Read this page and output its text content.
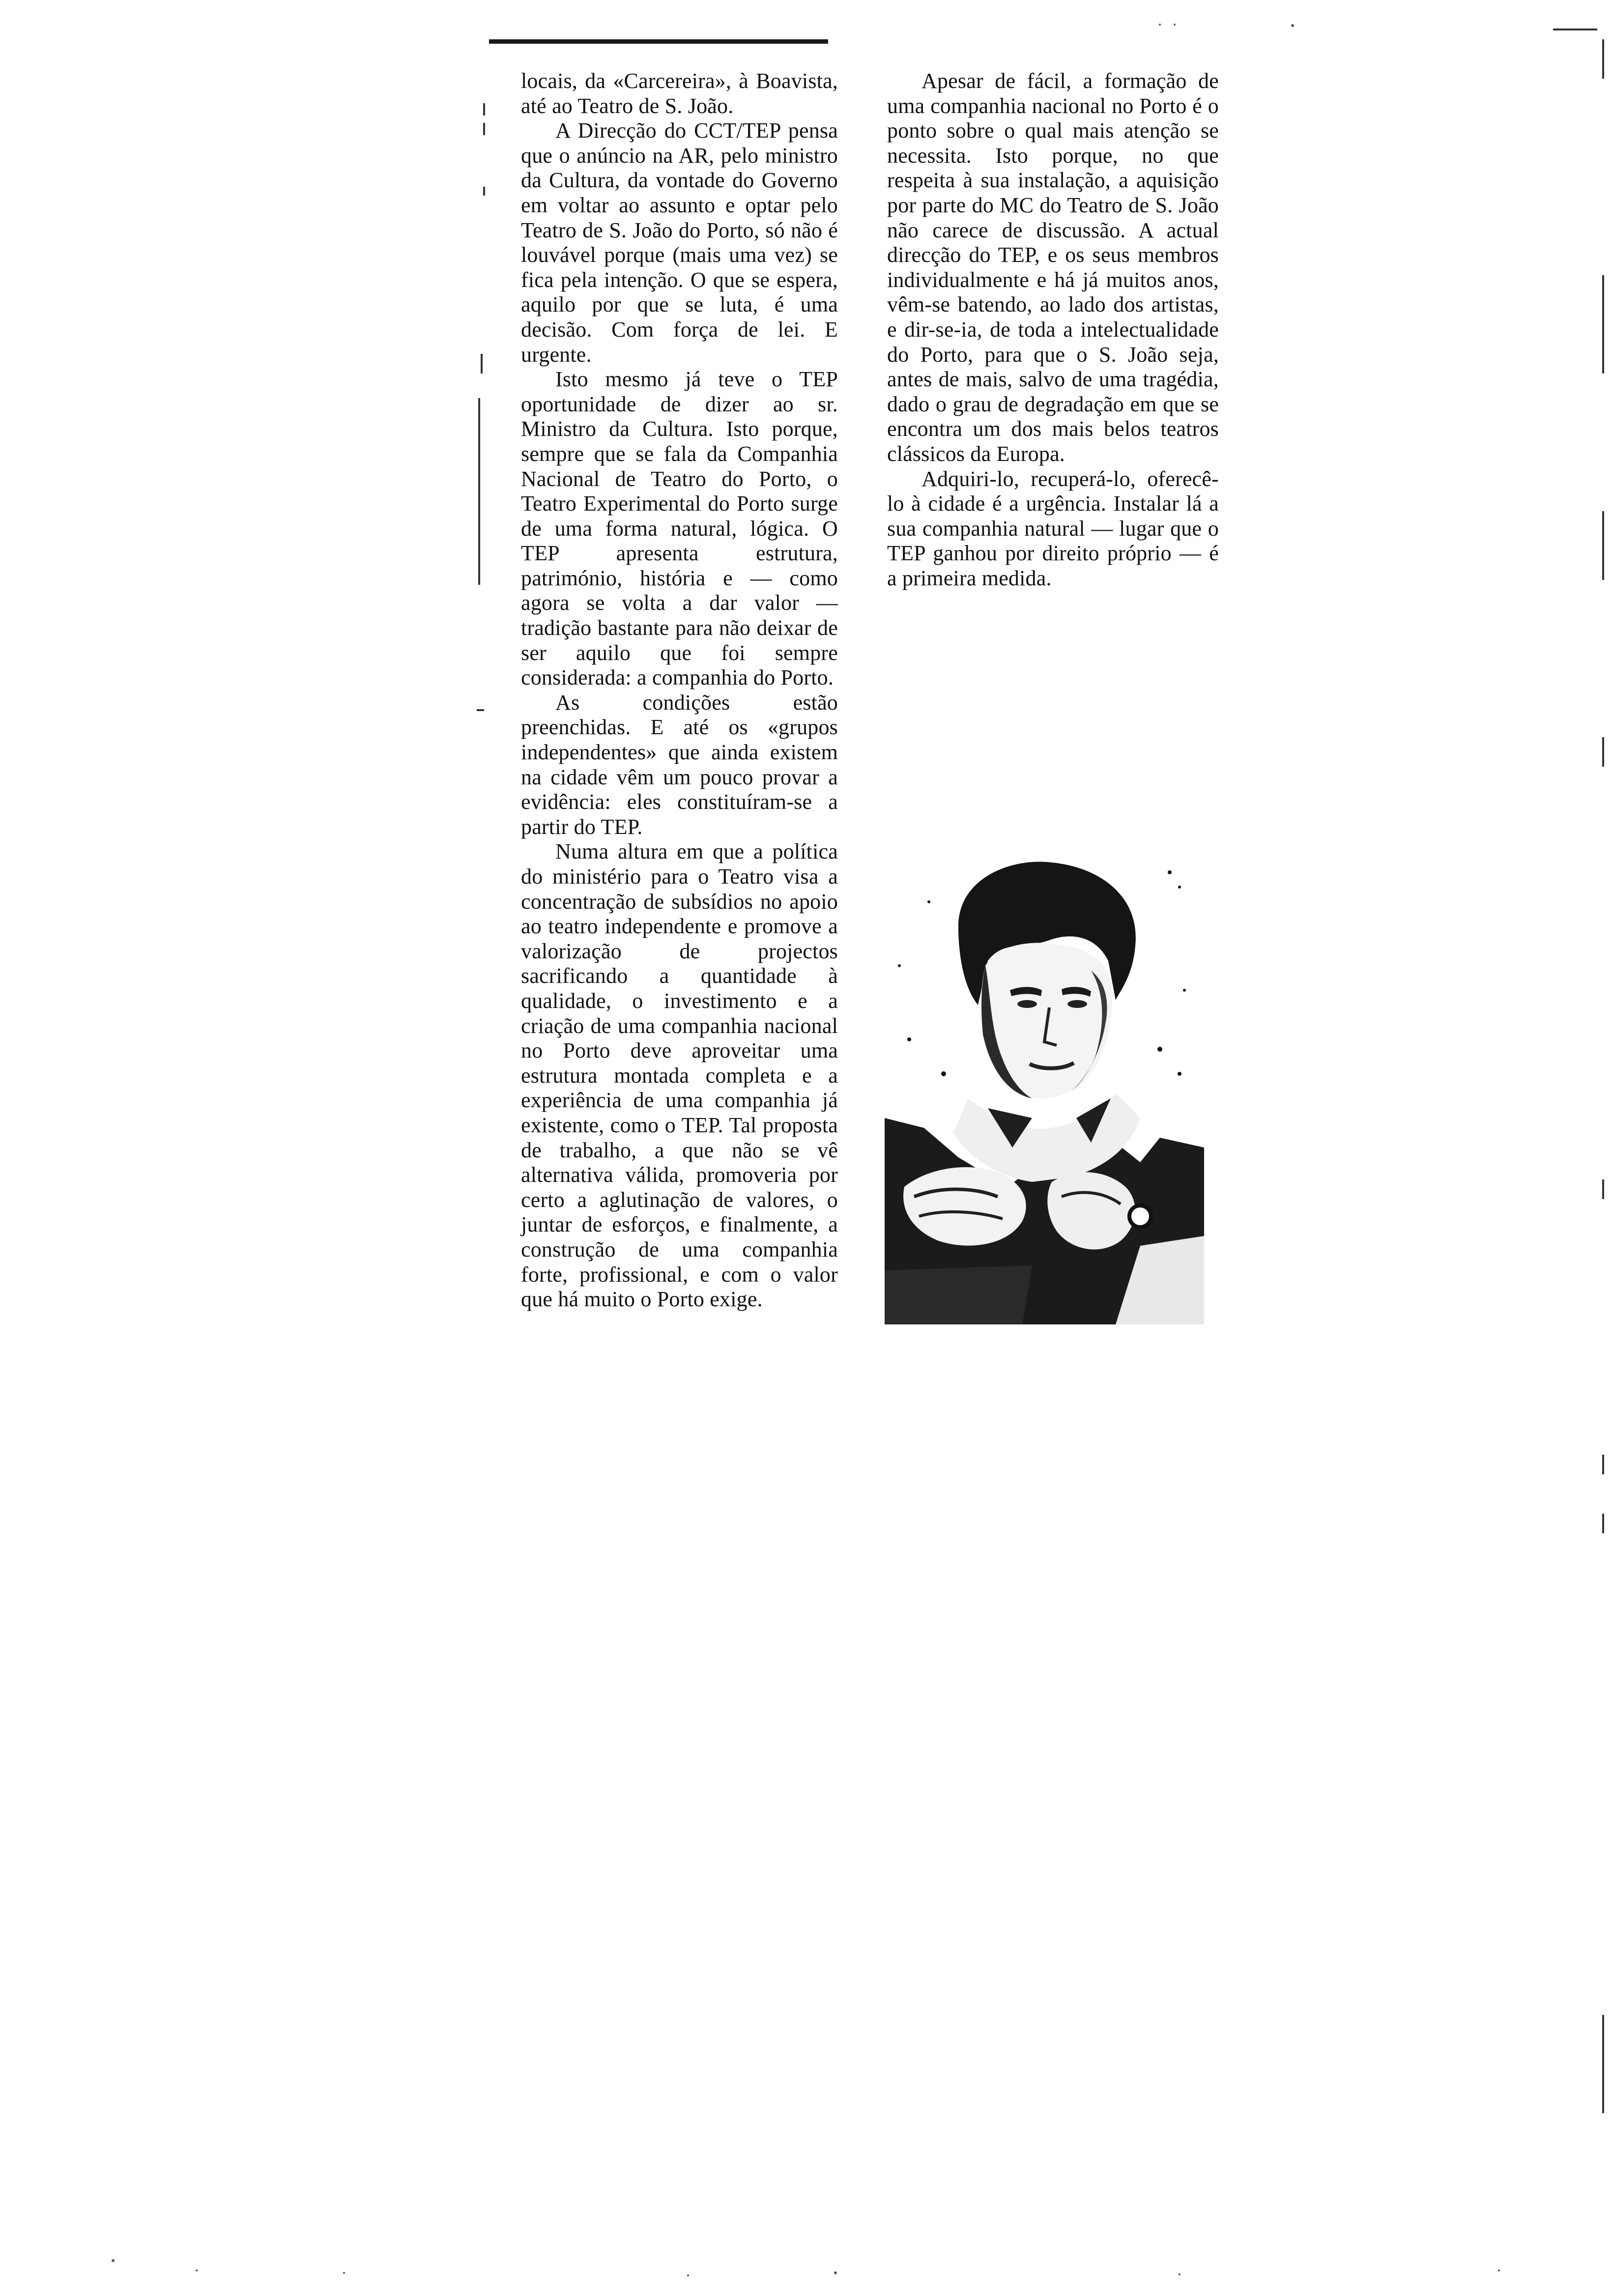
locais, da «Carcereira», à Boavista, até ao Teatro de S. João.

A Direcção do CCT/TEP pensa que o anúncio na AR, pelo ministro da Cultura, da vontade do Governo em voltar ao assunto e optar pelo Teatro de S. João do Porto, só não é louvável porque (mais uma vez) se fica pela intenção. O que se espera, aquilo por que se luta, é uma decisão. Com força de lei. E urgente.

Isto mesmo já teve o TEP oportunidade de dizer ao sr. Ministro da Cultura. Isto porque, sempre que se fala da Companhia Nacional de Teatro do Porto, o Teatro Experimental do Porto surge de uma forma natural, lógica. O TEP apresenta estrutura, património, história e — como agora se volta a dar valor — tradição bastante para não deixar de ser aquilo que foi sempre considerada: a companhia do Porto.

As condições estão preenchidas. E até os «grupos independentes» que ainda existem na cidade vêm um pouco provar a evidência: eles constituíram-se a partir do TEP.

Numa altura em que a política do ministério para o Teatro visa a concentração de subsídios no apoio ao teatro independente e promove a valorização de projectos sacrificando a quantidade à qualidade, o investimento e a criação de uma companhia nacional no Porto deve aproveitar uma estrutura montada completa e a experiência de uma companhia já existente, como o TEP. Tal proposta de trabalho, a que não se vê alternativa válida, promoveria por certo a aglutinação de valores, o juntar de esforços, e finalmente, a construção de uma companhia forte, profissional, e com o valor que há muito o Porto exige.

Apesar de fácil, a formação de uma companhia nacional no Porto é o ponto sobre o qual mais atenção se necessita. Isto porque, no que respeita à sua instalação, a aquisição por parte do MC do Teatro de S. João não carece de discussão. A actual direcção do TEP, e os seus membros individualmente e há já muitos anos, vêm-se batendo, ao lado dos artistas, e dir-se-ia, de toda a intelectualidade do Porto, para que o S. João seja, antes de mais, salvo de uma tragédia, dado o grau de degradação em que se encontra um dos mais belos teatros clássicos da Europa.

Adquiri-lo, recuperá-lo, oferecê-lo à cidade é a urgência. Instalar lá a sua companhia natural — lugar que o TEP ganhou por direito próprio — é a primeira medida.
